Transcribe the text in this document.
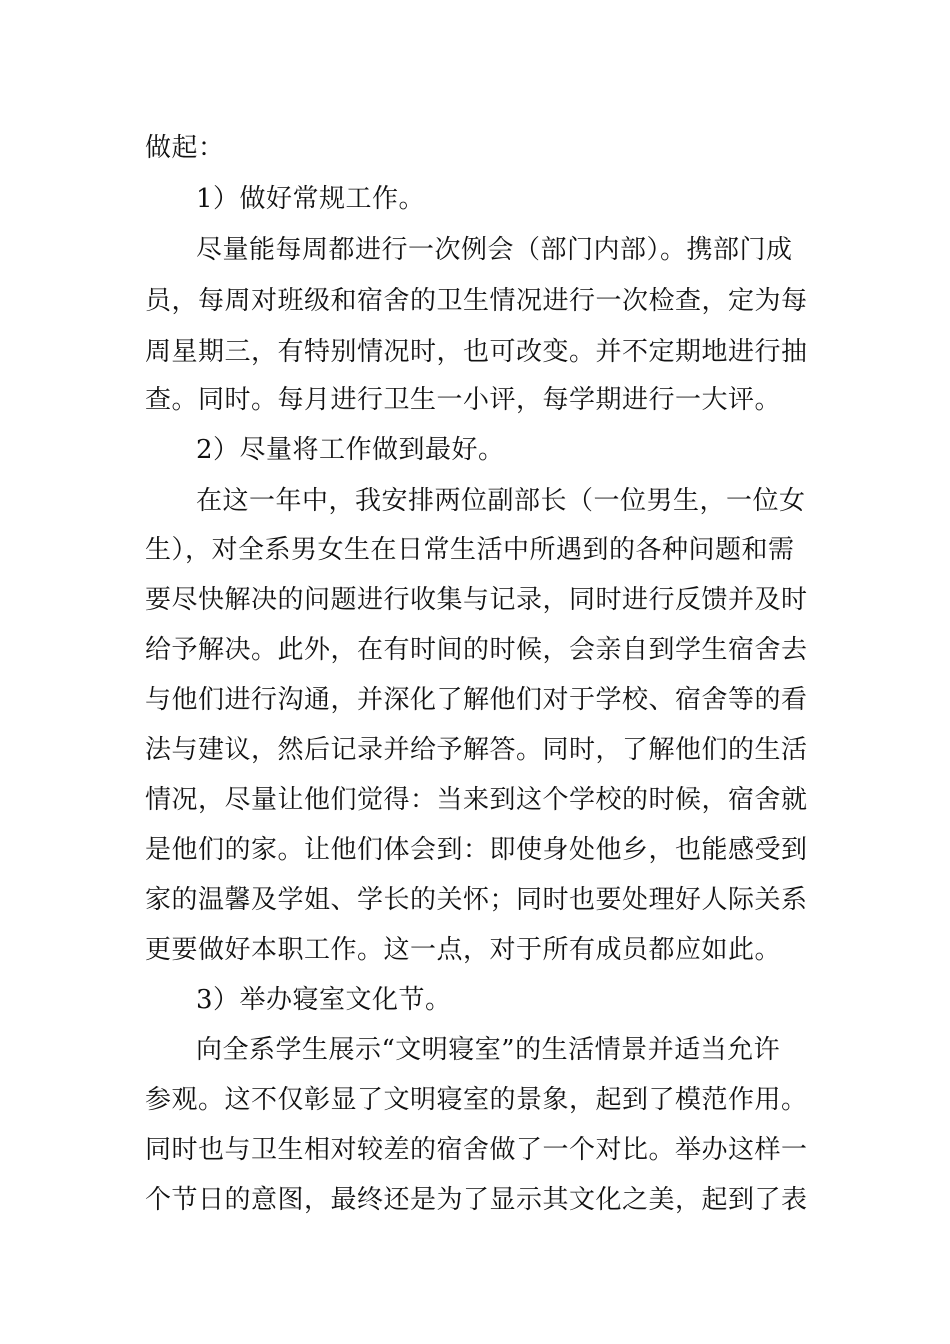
做起：
1）做好常规工作。
尽量能每周都进行一次例会（部门内部）。携部门成
员，每周对班级和宿舍的卫生情况进行一次检查，定为每
周星期三，有特别情况时，也可改变。并不定期地进行抽
查。同时。每月进行卫生一小评，每学期进行一大评。
2）尽量将工作做到最好。
在这一年中，我安排两位副部长（一位男生，一位女
生），对全系男女生在日常生活中所遇到的各种问题和需
要尽快解决的问题进行收集与记录，同时进行反馈并及时
给予解决。此外，在有时间的时候，会亲自到学生宿舍去
与他们进行沟通，并深化了解他们对于学校、宿舍等的看
法与建议，然后记录并给予解答。同时，了解他们的生活
情况，尽量让他们觉得：当来到这个学校的时候，宿舍就
是他们的家。让他们体会到：即使身处他乡，也能感受到
家的温馨及学姐、学长的关怀；同时也要处理好人际关系
更要做好本职工作。这一点，对于所有成员都应如此。
3）举办寝室文化节。
向全系学生展示“文明寝室”的生活情景并适当允许
参观。这不仅彰显了文明寝室的景象，起到了模范作用。
同时也与卫生相对较差的宿舍做了一个对比。举办这样一
个节日的意图，最终还是为了显示其文化之美，起到了表
